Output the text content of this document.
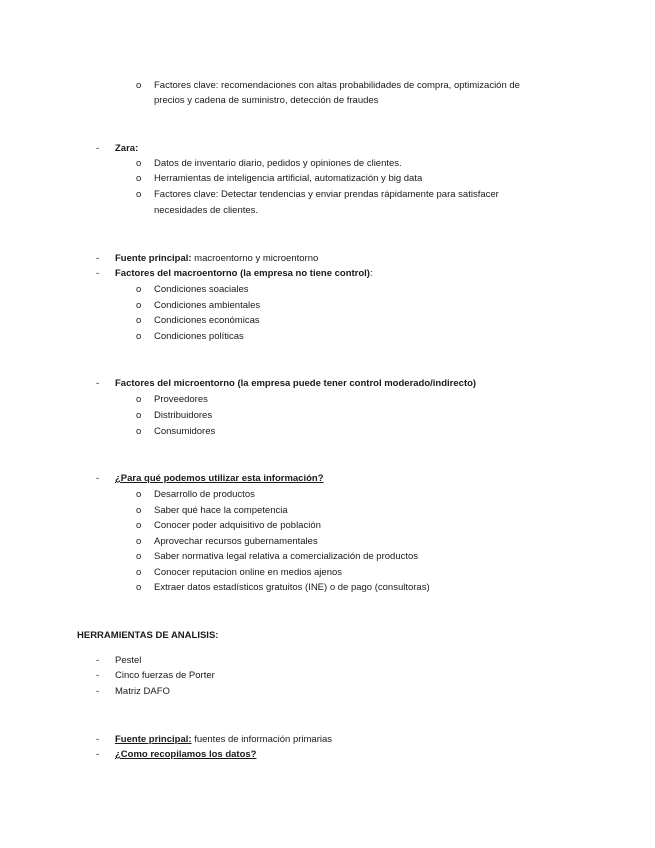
o Factores clave: recomendaciones con altas probabilidades de compra, optimización de
precios y cadena de suministro, detección de fraudes
- Zara:
o Datos de inventario diario, pedidos y opiniones de clientes.
o Herramientas de inteligencia artificial, automatización y big data
o Factores clave: Detectar tendencias y enviar prendas rápidamente para satisfacer
necesidades de clientes.
- Fuente principal: macroentorno y microentorno
- Factores del macroentorno (la empresa no tiene control):
o Condiciones soaciales
o Condiciones ambientales
o Condiciones económicas
o Condiciones políticas
- Factores del microentorno (la empresa puede tener control moderado/indirecto)
o Proveedores
o Distribuidores
o Consumidores
- ¿Para qué podemos utilizar esta información?
o Desarrollo de productos
o Saber qué hace la competencia
o Conocer poder adquisitivo de población
o Aprovechar recursos gubernamentales
o Saber normativa legal relativa a comercialización de productos
o Conocer reputacion online en medios ajenos
o Extraer datos estadísticos gratuitos (INE) o de pago (consultoras)
HERRAMIENTAS DE ANALISIS:
- Pestel
- Cinco fuerzas de Porter
- Matriz DAFO
- Fuente principal: fuentes de información primarias
- ¿Como recopilamos los datos?
